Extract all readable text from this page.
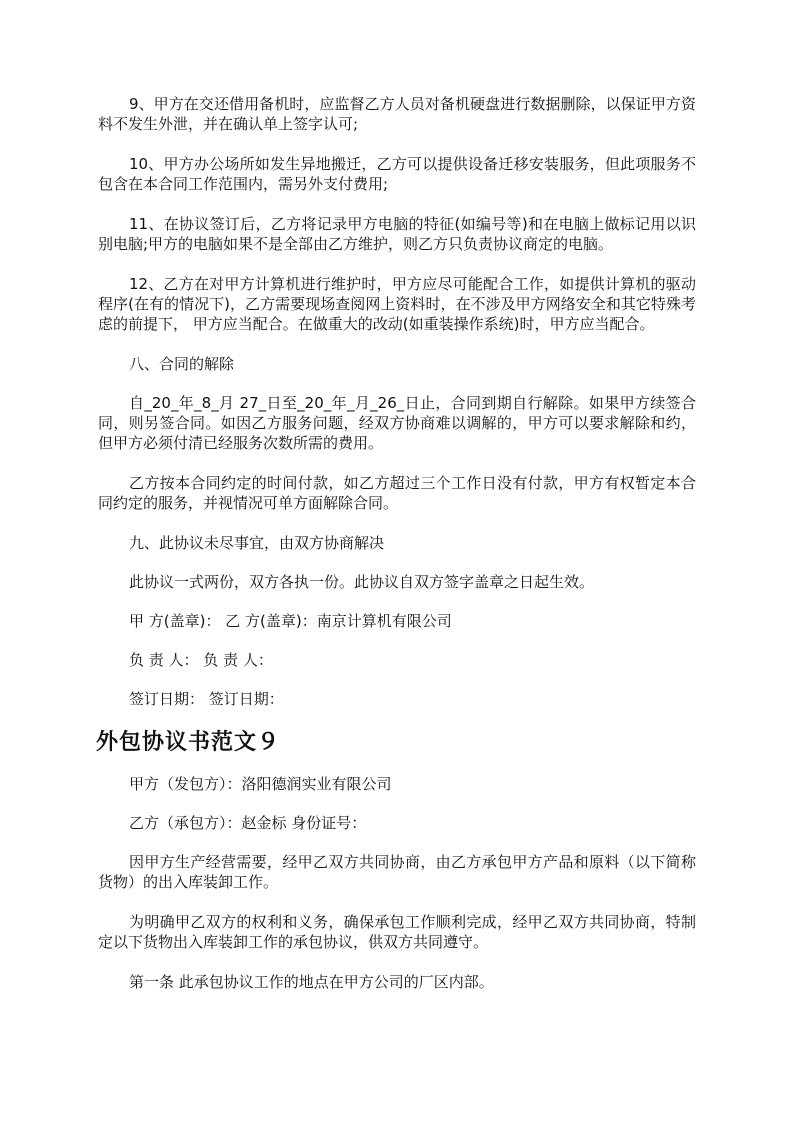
9、甲方在交还借用备机时，应监督乙方人员对备机硬盘进行数据删除，以保证甲方资料不发生外泄，并在确认单上签字认可;

10、甲方办公场所如发生异地搬迁，乙方可以提供设备迁移安装服务，但此项服务不包含在本合同工作范围内，需另外支付费用;

11、在协议签订后，乙方将记录甲方电脑的特征(如编号等)和在电脑上做标记用以识别电脑;甲方的电脑如果不是全部由乙方维护，则乙方只负责协议商定的电脑。

12、乙方在对甲方计算机进行维护时，甲方应尽可能配合工作，如提供计算机的驱动程序(在有的情况下)，乙方需要现场查阅网上资料时，在不涉及甲方网络安全和其它特殊考虑的前提下， 甲方应当配合。在做重大的改动(如重装操作系统)时，甲方应当配合。

八、合同的解除

自_20_年_8_月 27_日至_20_年_月_26_日止，合同到期自行解除。如果甲方续签合同，则另签合同。如因乙方服务问题，经双方协商难以调解的，甲方可以要求解除和约，但甲方必须付清已经服务次数所需的费用。

乙方按本合同约定的时间付款，如乙方超过三个工作日没有付款，甲方有权暂定本合同约定的服务，并视情况可单方面解除合同。

九、此协议未尽事宜，由双方协商解决

此协议一式两份，双方各执一份。此协议自双方签字盖章之日起生效。

甲 方(盖章)： 乙 方(盖章)：南京计算机有限公司

负 责 人： 负 责 人：

签订日期： 签订日期：

外包协议书范文９

甲方（发包方）：洛阳德润实业有限公司

乙方（承包方）：赵金标 身份证号：

因甲方生产经营需要，经甲乙双方共同协商，由乙方承包甲方产品和原料（以下简称货物）的出入库装卸工作。

为明确甲乙双方的权利和义务，确保承包工作顺利完成，经甲乙双方共同协商，特制定以下货物出入库装卸工作的承包协议，供双方共同遵守。

第一条 此承包协议工作的地点在甲方公司的厂区内部。
